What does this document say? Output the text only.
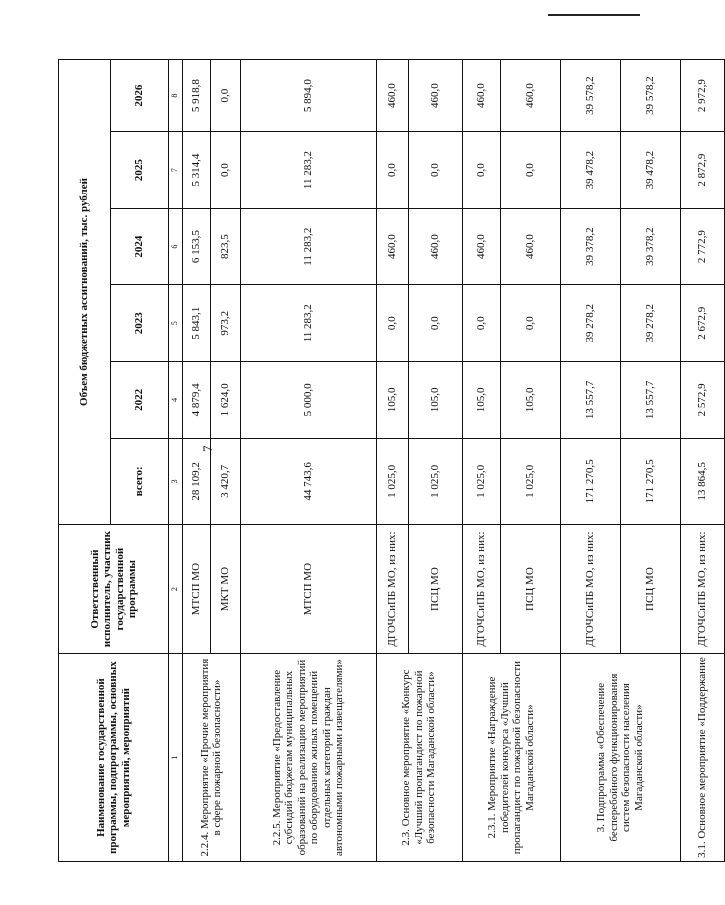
7
Наименование государственной программы, подпрограммы, основных мероприятий, мероприятий	Ответственный исполнитель, участник государственной программы	Объем бюджетных ассигнований, тыс. рублей					
		всего:	2022	2023	2024	2025	2026
1	2	3	4	5	6	7	8
2.2.4. Мероприятие «Прочие мероприятия в сфере пожарной безопасности»	МТСП МО	28 109,2	4 879,4	5 843,1	6 153,5	5 314,4	5 918,8
	МКТ МО	3 420,7	1 624,0	973,2	823,5	0,0	0,0
2.2.5. Мероприятие «Предоставление субсидий бюджетам муниципальных образований на реализацию мероприятий по оборудованию жилых помещений отдельных категорий граждан автономными пожарными извещателями»	МТСП МО	44 743,6	5 000,0	11 283,2	11 283,2	11 283,2	5 894,0
2.3. Основное мероприятие «Конкурс «Лучший пропагандист по пожарной безопасности Магаданской области»	ДГОЧСиПБ МО, из них:	1 025,0	105,0	0,0	460,0	0,0	460,0
	ПСЦ МО	1 025,0	105,0	0,0	460,0	0,0	460,0
2.3.1. Мероприятие «Награждение победителей конкурса «Лучший пропагандист по пожарной безопасности Магаданской области»	ДГОЧСиПБ МО, из них:	1 025,0	105,0	0,0	460,0	0,0	460,0
	ПСЦ МО	1 025,0	105,0	0,0	460,0	0,0	460,0
3. Подпрограмма «Обеспечение бесперебойного функционирования систем безопасности населения Магаданской области»	ДГОЧСиПБ МО, из них:	171 270,5	13 557,7	39 278,2	39 378,2	39 478,2	39 578,2
	ПСЦ МО	171 270,5	13 557,7	39 278,2	39 378,2	39 478,2	39 578,2
3.1. Основное мероприятие «Поддержание	ДГОЧСиПБ МО, из них:	13 864,5	2 572,9	2 672,9	2 772,9	2 872,9	2 972,9
